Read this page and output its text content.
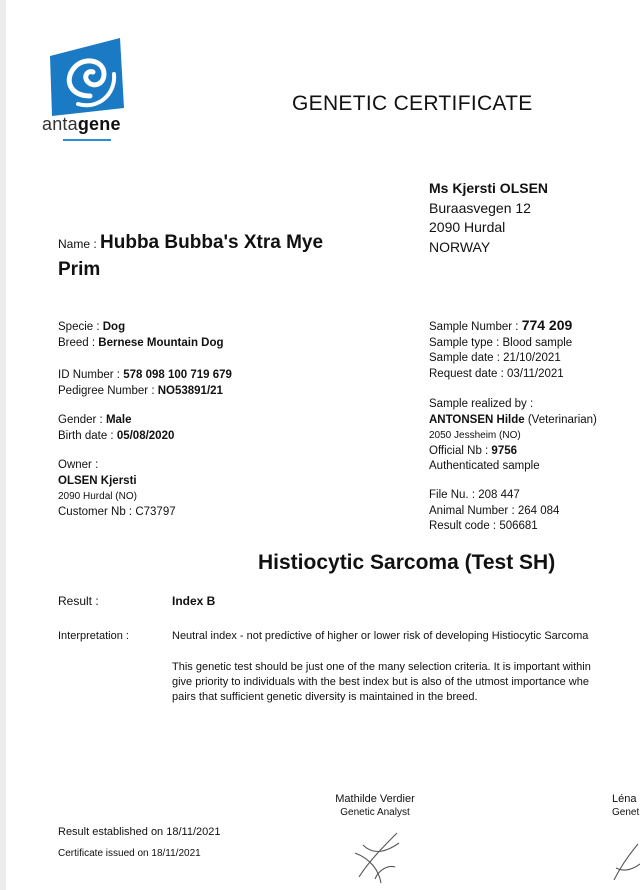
antagene
GENETIC CERTIFICATE
Ms Kjersti OLSEN
Buraasvegen 12
2090 Hurdal
NORWAY
Name : Hubba Bubba's Xtra Mye Prim
Specie : Dog
Breed : Bernese Mountain Dog
ID Number : 578 098 100 719 679
Pedigree Number : NO53891/21
Gender : Male
Birth date : 05/08/2020
Owner :
OLSEN Kjersti
2090 Hurdal (NO)
Customer Nb : C73797
Sample Number : 774 209
Sample type : Blood sample
Sample date : 21/10/2021
Request date : 03/11/2021
Sample realized by :
ANTONSEN Hilde (Veterinarian)
2050 Jessheim (NO)
Official Nb : 9756
Authenticated sample
File Nu. : 208 447
Animal Number : 264 084
Result code : 506681
Histiocytic Sarcoma (Test SH)
Result :	Index B
Interpretation :	Neutral index - not predictive of higher or lower risk of developing Histiocytic Sarcoma
This genetic test should be just one of the many selection criteria. It is important within
give priority to individuals with the best index but is also of the utmost importance whe
pairs that sufficient genetic diversity is maintained in the breed.
Mathilde Verdier
Genetic Analyst
Léna
Genet
Result established on 18/11/2021
Certificate issued on 18/11/2021
